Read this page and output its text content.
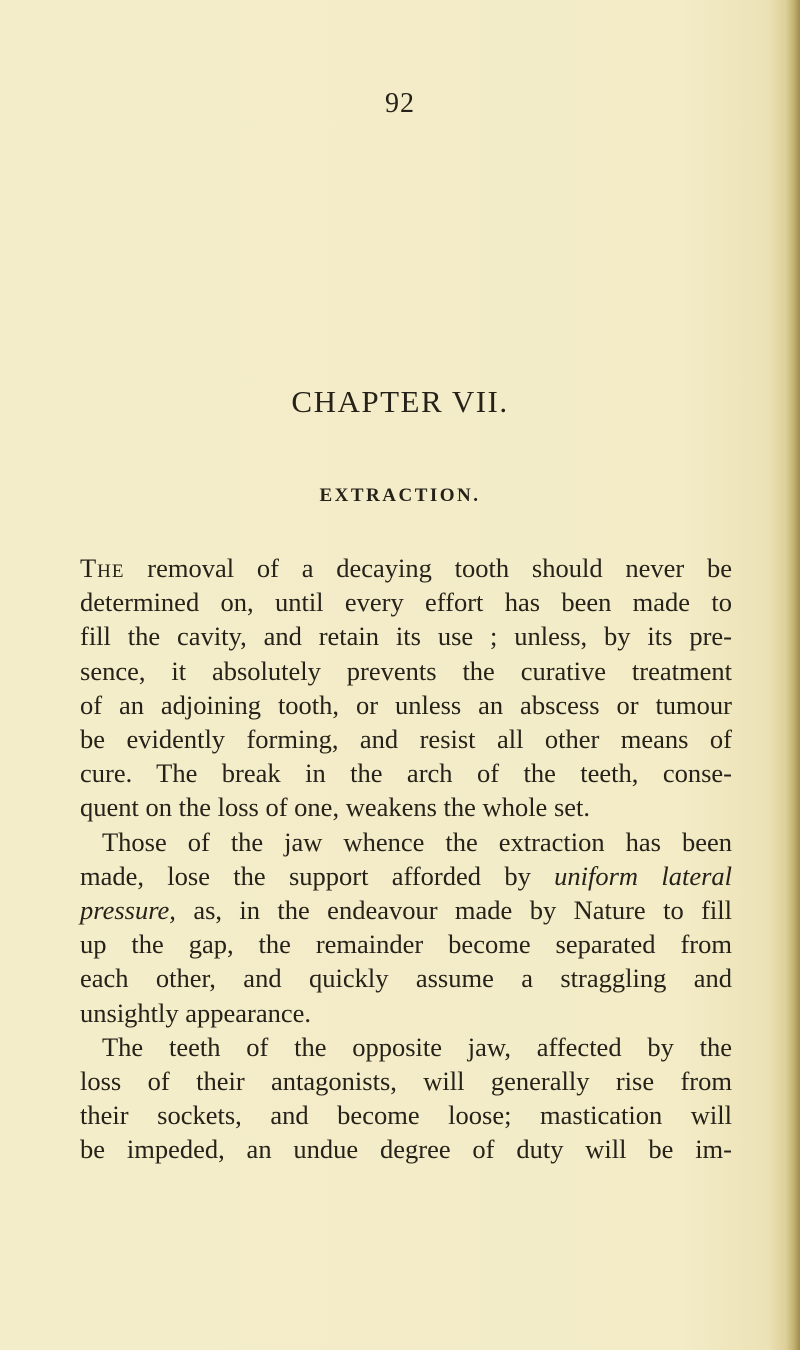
92
CHAPTER VII.
EXTRACTION.
The removal of a decaying tooth should never be
determined on, until every effort has been made to
fill the cavity, and retain its use ; unless, by its pre-
sence, it absolutely prevents the curative treatment
of an adjoining tooth, or unless an abscess or tumour
be evidently forming, and resist all other means of
cure. The break in the arch of the teeth, conse-
quent on the loss of one, weakens the whole set.
Those of the jaw whence the extraction has been
made, lose the support afforded by uniform lateral
pressure, as, in the endeavour made by Nature to fill
up the gap, the remainder become separated from
each other, and quickly assume a straggling and
unsightly appearance.
The teeth of the opposite jaw, affected by the
loss of their antagonists, will generally rise from
their sockets, and become loose; mastication will
be impeded, an undue degree of duty will be im-
